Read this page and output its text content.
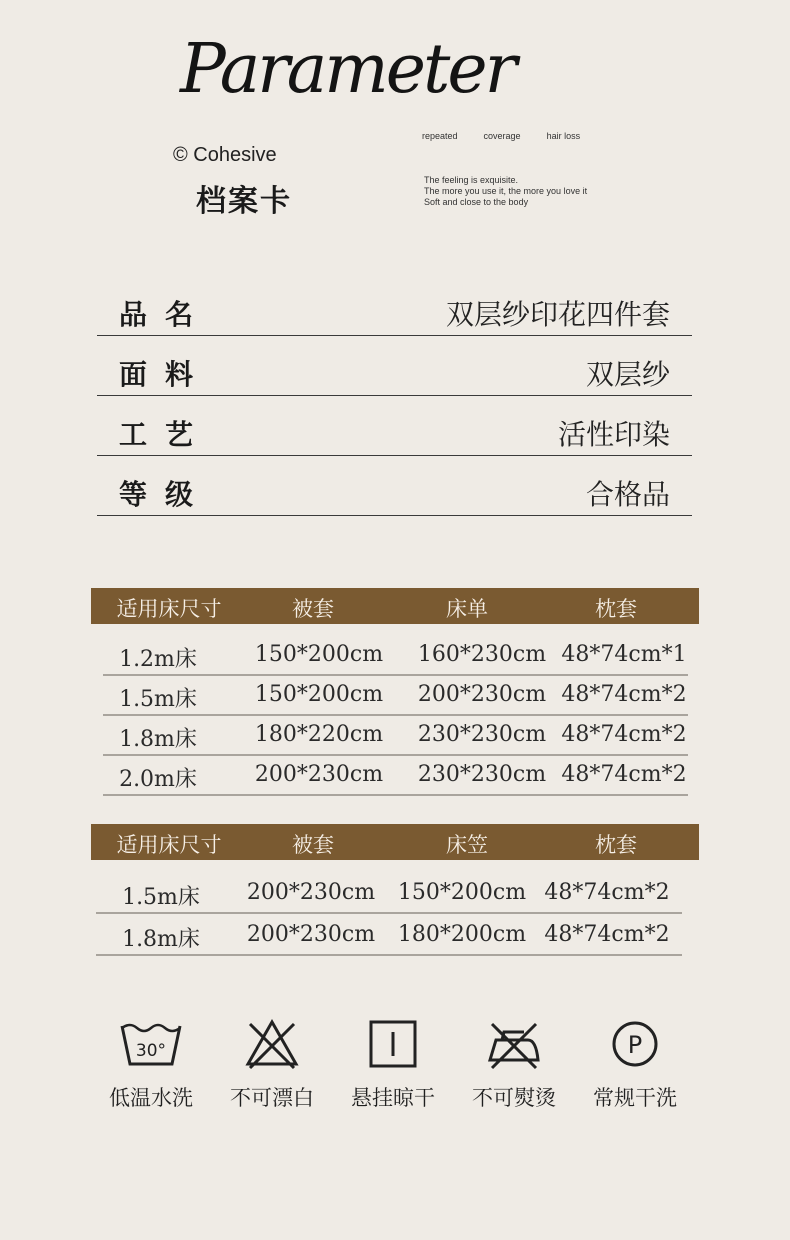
Parameter
© Cohesive
档案卡
repeated	coverage	hair loss
The feeling is exquisite.
The more you use it, the more you love it
Soft and close to the body
品名	双层纱印花四件套
面料	双层纱
工艺	活性印染
等级	合格品
适用床尺寸	被套	床单	枕套
1.2m床	150*200cm 160*230cm 48*74cm*1
1.5m床	150*200cm 200*230cm 48*74cm*2
1.8m床	180*220cm 230*230cm 48*74cm*2
2.0m床	200*230cm 230*230cm 48*74cm*2
适用床尺寸	被套	床笠	枕套
1.5m床 200*230cm 150*200cm 48*74cm*2
1.8m床 200*230cm 180*200cm 48*74cm*2
30°
低温水洗	不可漂白	悬挂晾干	不可熨烫
P
常规干洗
